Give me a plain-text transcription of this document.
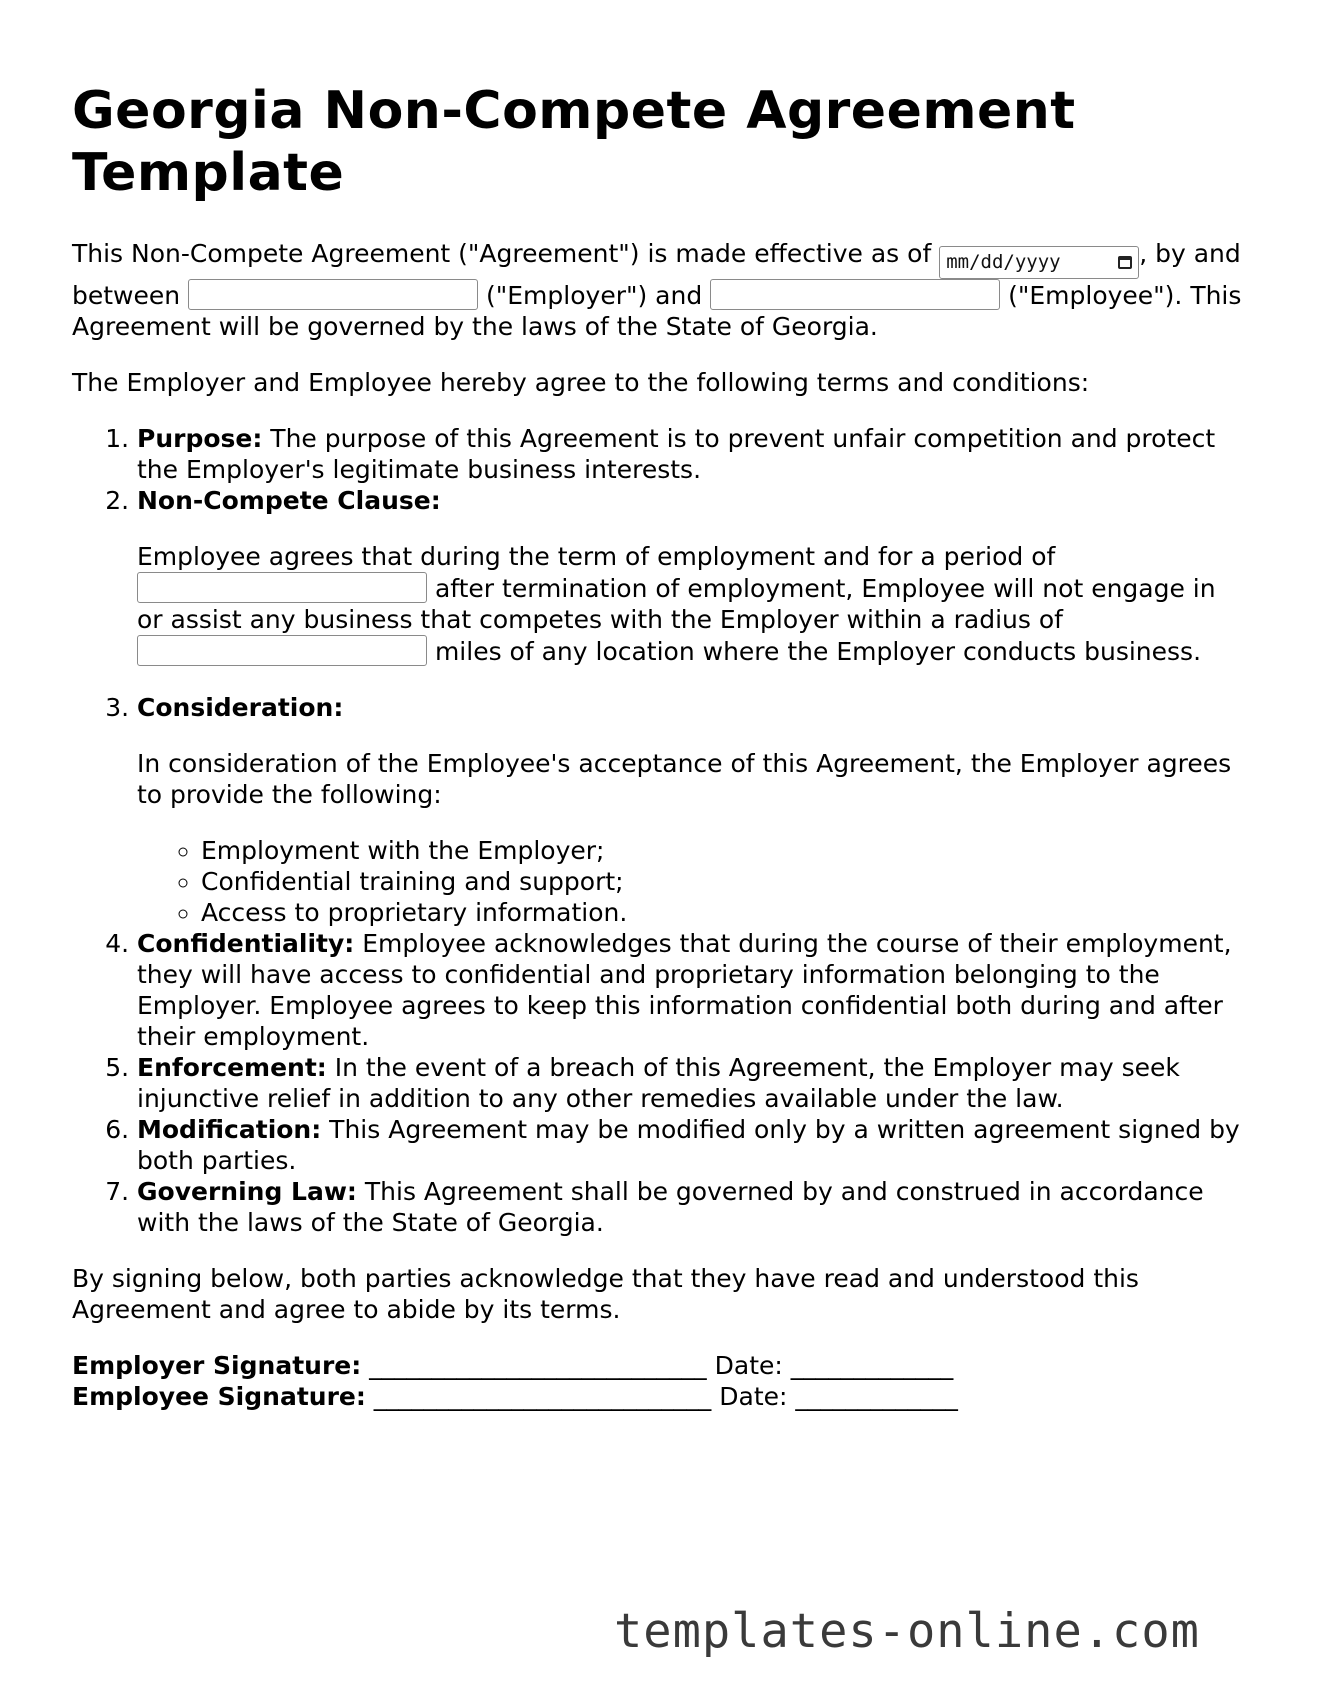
Georgia Non-Compete Agreement Template

This Non-Compete Agreement ("Agreement") is made effective as of mm/dd/yyyy	, by and between	("Employer") and	("Employee"). This Agreement will be governed by the laws of the State of Georgia.

The Employer and Employee hereby agree to the following terms and conditions:

1. Purpose: The purpose of this Agreement is to prevent unfair competition and protect the Employer's legitimate business interests.
2. Non-Compete Clause:
Employee agrees that during the term of employment and for a period of  after termination of employment, Employee will not engage in or assist any business that competes with the Employer within a radius of  miles of any location where the Employer conducts business.
3. Consideration:
In consideration of the Employee's acceptance of this Agreement, the Employer agrees to provide the following:
◦ Employment with the Employer;
◦ Confidential training and support;
◦ Access to proprietary information.
4. Confidentiality: Employee acknowledges that during the course of their employment, they will have access to confidential and proprietary information belonging to the Employer. Employee agrees to keep this information confidential both during and after their employment.
5. Enforcement: In the event of a breach of this Agreement, the Employer may seek injunctive relief in addition to any other remedies available under the law.
6. Modification: This Agreement may be modified only by a written agreement signed by both parties.
7. Governing Law: This Agreement shall be governed by and construed in accordance with the laws of the State of Georgia.

By signing below, both parties acknowledge that they have read and understood this Agreement and agree to abide by its terms.

Employer Signature: ___________________________ Date: _____________

Employee Signature: ___________________________ Date: _____________

templates-online.com
